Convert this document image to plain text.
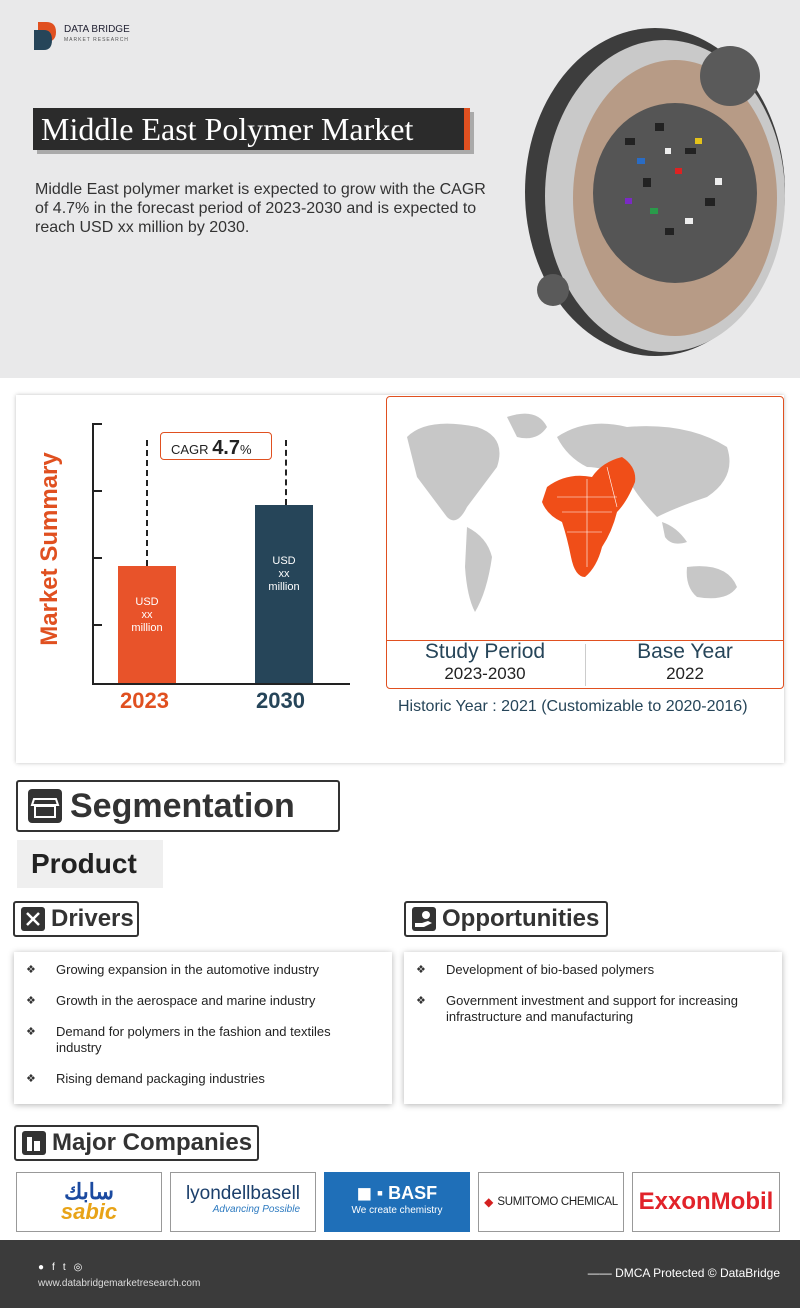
DATA BRIDGE
MARKET RESEARCH
Middle East Polymer Market

Middle East polymer market is expected to grow with the CAGR of 4.7% in the forecast period of 2023-2030 and is expected to reach USD xx million by 2030.

Market Summary
CAGR 4.7%
USD
xx
million
USD
xx
million
2023	2030
Study Period
2023-2030
Base Year
2022
Historic Year : 2021 (Customizable to 2020-2016)
Segmentation
Product
Drivers
❖ Growing expansion in the automotive industry
❖ Growth in the aerospace and marine industry
❖ Demand for polymers in the fashion and textiles industry
❖ Rising demand packaging industries
Opportunities
❖ Development of bio-based polymers
❖ Government investment and support for increasing infrastructure and manufacturing
Major Companies
سابك
sabic
lyondellbasell
Advancing Possible
◼ ▪ BASF
We create chemistry
◆ SUMITOMO CHEMICAL ExxonMobil
● f t ◎
www.databridgemarketresearch.com
—— DMCA Protected © DataBridge
